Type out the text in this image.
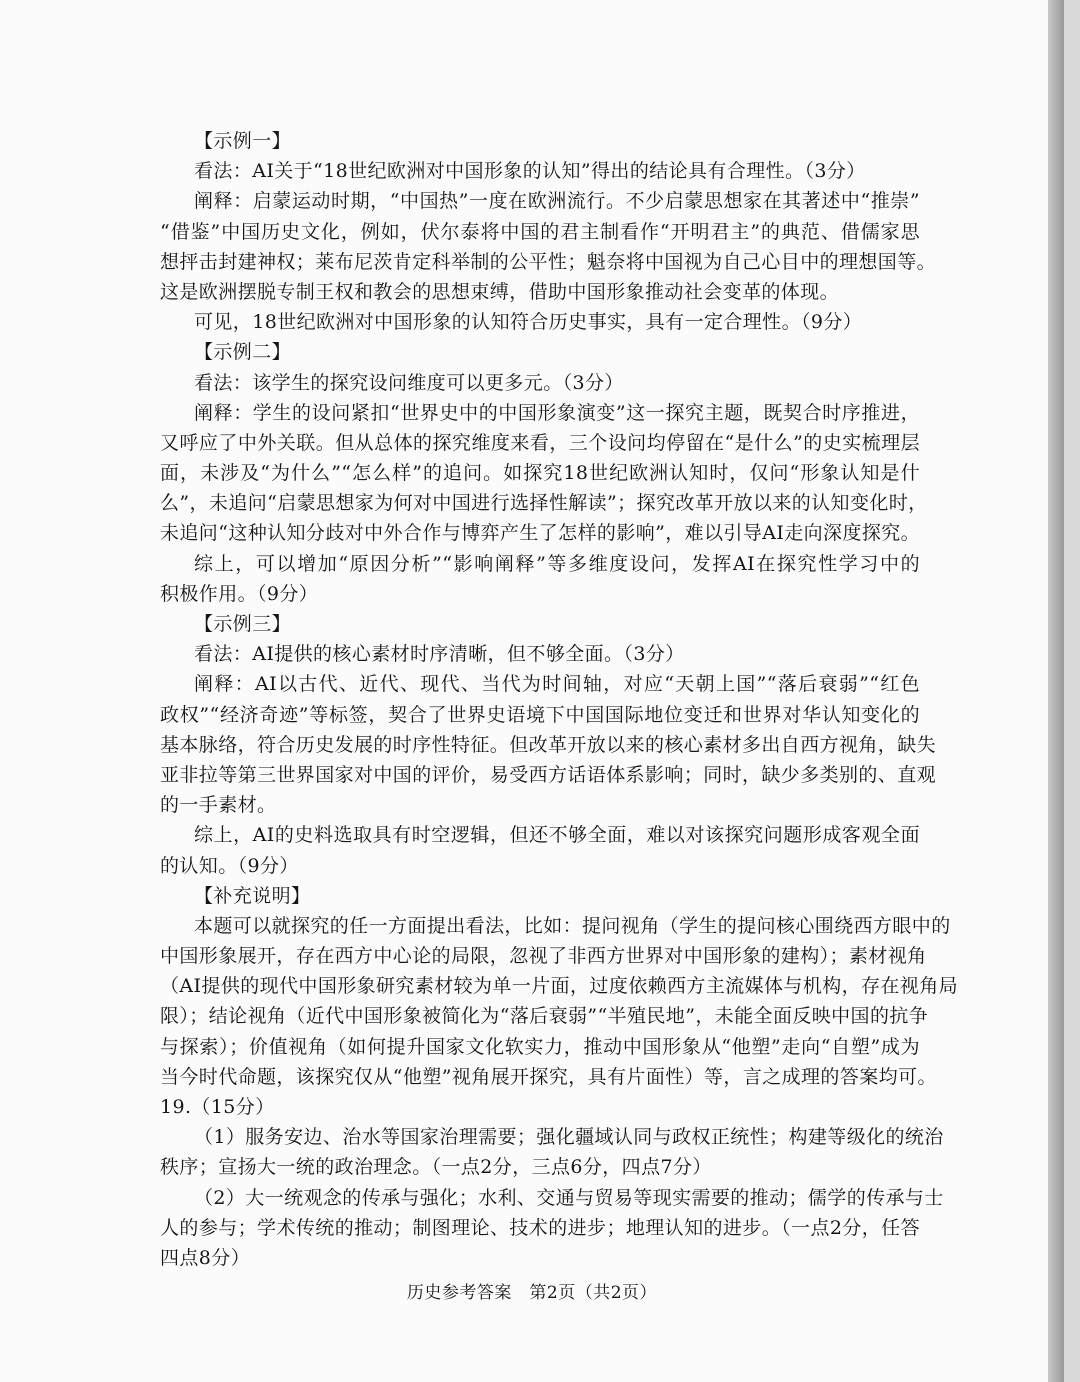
【示例一】
看法：AI关于“18世纪欧洲对中国形象的认知”得出的结论具有合理性。（3分）
阐释：启蒙运动时期，“中国热”一度在欧洲流行。不少启蒙思想家在其著述中“推崇”
“借鉴”中国历史文化，例如，伏尔泰将中国的君主制看作“开明君主”的典范、借儒家思
想抨击封建神权；莱布尼茨肯定科举制的公平性；魁奈将中国视为自己心目中的理想国等。
这是欧洲摆脱专制王权和教会的思想束缚，借助中国形象推动社会变革的体现。
可见，18世纪欧洲对中国形象的认知符合历史事实，具有一定合理性。（9分）
【示例二】
看法：该学生的探究设问维度可以更多元。（3分）
阐释：学生的设问紧扣“世界史中的中国形象演变”这一探究主题，既契合时序推进，
又呼应了中外关联。但从总体的探究维度来看，三个设问均停留在“是什么”的史实梳理层
面，未涉及“为什么”“怎么样”的追问。如探究18世纪欧洲认知时，仅问“形象认知是什
么”，未追问“启蒙思想家为何对中国进行选择性解读”；探究改革开放以来的认知变化时，
未追问“这种认知分歧对中外合作与博弈产生了怎样的影响”，难以引导AI走向深度探究。
综上，可以增加“原因分析”“影响阐释”等多维度设问，发挥AI在探究性学习中的
积极作用。（9分）
【示例三】
看法：AI提供的核心素材时序清晰，但不够全面。（3分）
阐释：AI以古代、近代、现代、当代为时间轴，对应“天朝上国”“落后衰弱”“红色
政权”“经济奇迹”等标签，契合了世界史语境下中国国际地位变迁和世界对华认知变化的
基本脉络，符合历史发展的时序性特征。但改革开放以来的核心素材多出自西方视角，缺失
亚非拉等第三世界国家对中国的评价，易受西方话语体系影响；同时，缺少多类别的、直观
的一手素材。
综上，AI的史料选取具有时空逻辑，但还不够全面，难以对该探究问题形成客观全面
的认知。（9分）
【补充说明】
本题可以就探究的任一方面提出看法，比如：提问视角（学生的提问核心围绕西方眼中的
中国形象展开，存在西方中心论的局限，忽视了非西方世界对中国形象的建构）；素材视角
（AI提供的现代中国形象研究素材较为单一片面，过度依赖西方主流媒体与机构，存在视角局
限）；结论视角（近代中国形象被简化为“落后衰弱”“半殖民地”，未能全面反映中国的抗争
与探索）；价值视角（如何提升国家文化软实力，推动中国形象从“他塑”走向“自塑”成为
当今时代命题，该探究仅从“他塑”视角展开探究，具有片面性）等，言之成理的答案均可。
19.（15分）
（1）服务安边、治水等国家治理需要；强化疆域认同与政权正统性；构建等级化的统治
秩序；宣扬大一统的政治理念。（一点2分，三点6分，四点7分）
（2）大一统观念的传承与强化；水利、交通与贸易等现实需要的推动；儒学的传承与士
人的参与；学术传统的推动；制图理论、技术的进步；地理认知的进步。（一点2分，任答
四点8分）
历史参考答案　第2页（共2页）
